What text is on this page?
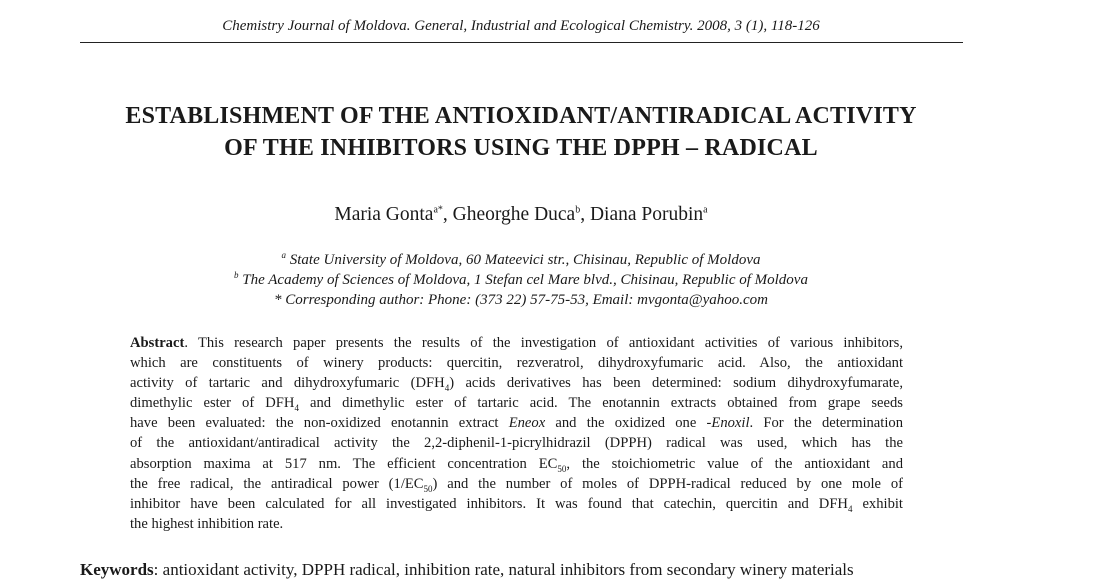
Chemistry Journal of Moldova. General, Industrial and Ecological Chemistry. 2008, 3 (1), 118-126
ESTABLISHMENT OF THE ANTIOXIDANT/ANTIRADICAL ACTIVITY
OF THE INHIBITORS USING THE DPPH – RADICAL
Maria Gonta$^{a*}$, Gheorghe Duca$^b$, Diana Porubin$^a$
$^a$ State University of Moldova, 60 Mateevici str., Chisinau, Republic of Moldova
$^b$ The Academy of Sciences of Moldova, 1 Stefan cel Mare blvd., Chisinau, Republic of Moldova
* Corresponding author: Phone: (373 22) 57-75-53, Email: mvgonta@yahoo.com
Abstract. This research paper presents the results of the investigation of antioxidant activities of various inhibitors,
which are constituents of winery products: quercitin, rezveratrol, dihydroxyfumaric acid. Also, the antioxidant
activity of tartaric and dihydroxyfumaric $(DFH_4)$ acids derivatives has been determined: sodium dihydroxyfumarate,
dimethylic ester of $DFH_4$ and dimethylic ester of tartaric acid. The enotannin extracts obtained from grape seeds
have been evaluated: the non-oxidized enotannin extract Eneox and the oxidized one -Enoxil. For the determination
of the antioxidant/antiradical activity the 2,2-diphenil-1-picrylhidrazil (DPPH) radical was used, which has the
absorption maxima at 517 nm. The efficient concentration $EC_{50}$, the stoichiometric value of the antioxidant and
the free radical, the antiradical power $(1/EC_{50})$ and the number of moles of DPPH-radical reduced by one mole of
inhibitor have been calculated for all investigated inhibitors. It was found that catechin, quercitin and $DFH_4$ exhibit
the highest inhibition rate.
Keywords: antioxidant activity, DPPH radical, inhibition rate, natural inhibitors from secondary winery materials
